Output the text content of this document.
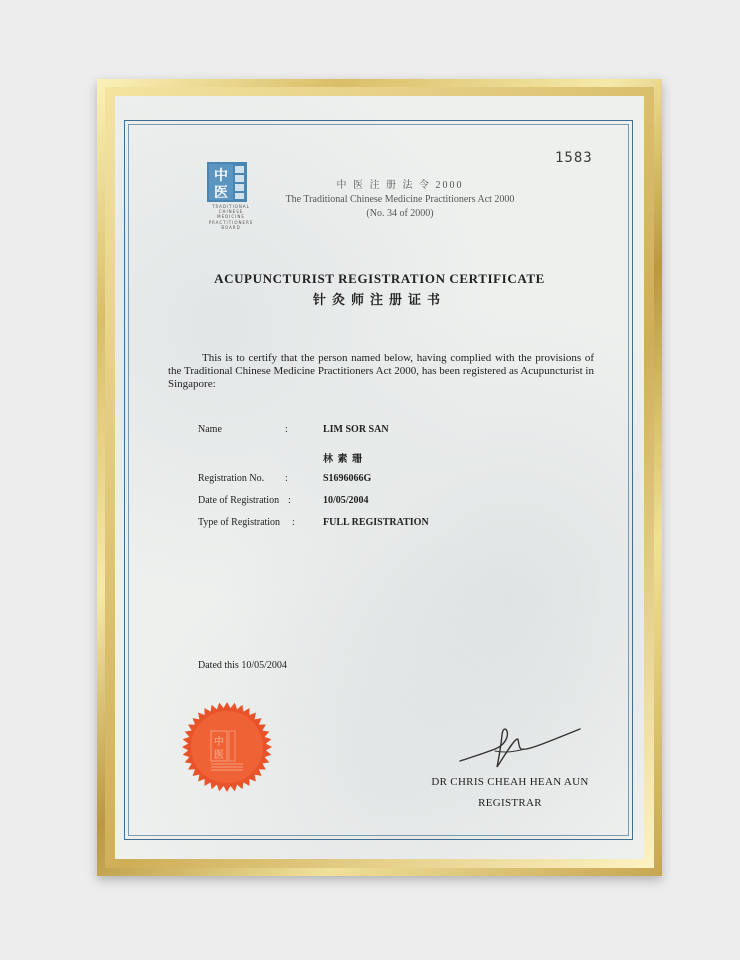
1583
中
医
TRADITIONAL
CHINESE
MEDICINE
PRACTITIONERS
BOARD
中 医 注 册 法 令 2000
The Traditional Chinese Medicine Practitioners Act 2000
(No. 34 of 2000)
ACUPUNCTURIST REGISTRATION CERTIFICATE
针灸师注册证书
This is to certify that the person named below, having complied with the provisions of the Traditional Chinese Medicine Practitioners Act 2000, has been registered as Acupuncturist in Singapore:
Name	:	LIM SOR SAN
林 素 珊
Registration No. :	S1696066G
Date of Registration :	10/05/2004
Type of Registration :	FULL REGISTRATION
Dated this 10/05/2004
中
医
DR CHRIS CHEAH HEAN AUN
REGISTRAR
